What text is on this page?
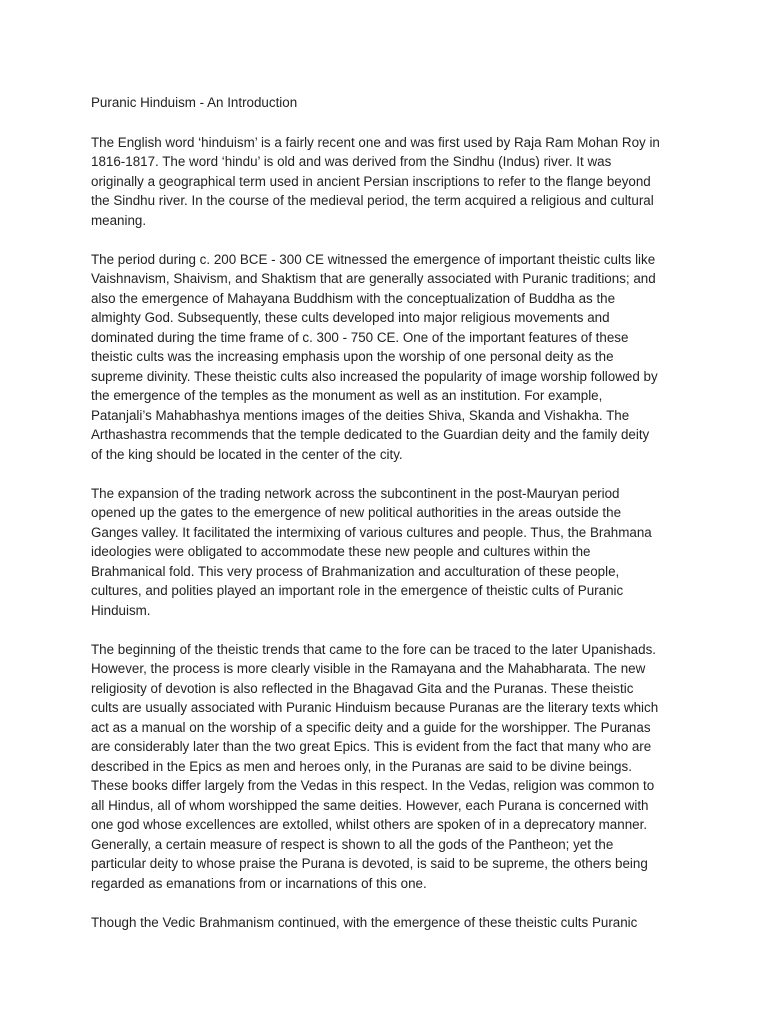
Puranic Hinduism - An Introduction
The English word ‘hinduism’ is a fairly recent one and was first used by Raja Ram Mohan Roy in
1816-1817. The word ‘hindu’ is old and was derived from the Sindhu (Indus) river. It was
originally a geographical term used in ancient Persian inscriptions to refer to the flange beyond
the Sindhu river. In the course of the medieval period, the term acquired a religious and cultural
meaning.
The period during c. 200 BCE - 300 CE witnessed the emergence of important theistic cults like
Vaishnavism, Shaivism, and Shaktism that are generally associated with Puranic traditions; and
also the emergence of Mahayana Buddhism with the conceptualization of Buddha as the
almighty God. Subsequently, these cults developed into major religious movements and
dominated during the time frame of c. 300 - 750 CE. One of the important features of these
theistic cults was the increasing emphasis upon the worship of one personal deity as the
supreme divinity. These theistic cults also increased the popularity of image worship followed by
the emergence of the temples as the monument as well as an institution. For example,
Patanjali’s Mahabhashya mentions images of the deities Shiva, Skanda and Vishakha. The
Arthashastra recommends that the temple dedicated to the Guardian deity and the family deity
of the king should be located in the center of the city.
The expansion of the trading network across the subcontinent in the post-Mauryan period
opened up the gates to the emergence of new political authorities in the areas outside the
Ganges valley. It facilitated the intermixing of various cultures and people. Thus, the Brahmana
ideologies were obligated to accommodate these new people and cultures within the
Brahmanical fold. This very process of Brahmanization and acculturation of these people,
cultures, and polities played an important role in the emergence of theistic cults of Puranic
Hinduism.
The beginning of the theistic trends that came to the fore can be traced to the later Upanishads.
However, the process is more clearly visible in the Ramayana and the Mahabharata. The new
religiosity of devotion is also reflected in the Bhagavad Gita and the Puranas. These theistic
cults are usually associated with Puranic Hinduism because Puranas are the literary texts which
act as a manual on the worship of a specific deity and a guide for the worshipper. The Puranas
are considerably later than the two great Epics. This is evident from the fact that many who are
described in the Epics as men and heroes only, in the Puranas are said to be divine beings.
These books differ largely from the Vedas in this respect. In the Vedas, religion was common to
all Hindus, all of whom worshipped the same deities. However, each Purana is concerned with
one god whose excellences are extolled, whilst others are spoken of in a deprecatory manner.
Generally, a certain measure of respect is shown to all the gods of the Pantheon; yet the
particular deity to whose praise the Purana is devoted, is said to be supreme, the others being
regarded as emanations from or incarnations of this one.
Though the Vedic Brahmanism continued, with the emergence of these theistic cults Puranic
